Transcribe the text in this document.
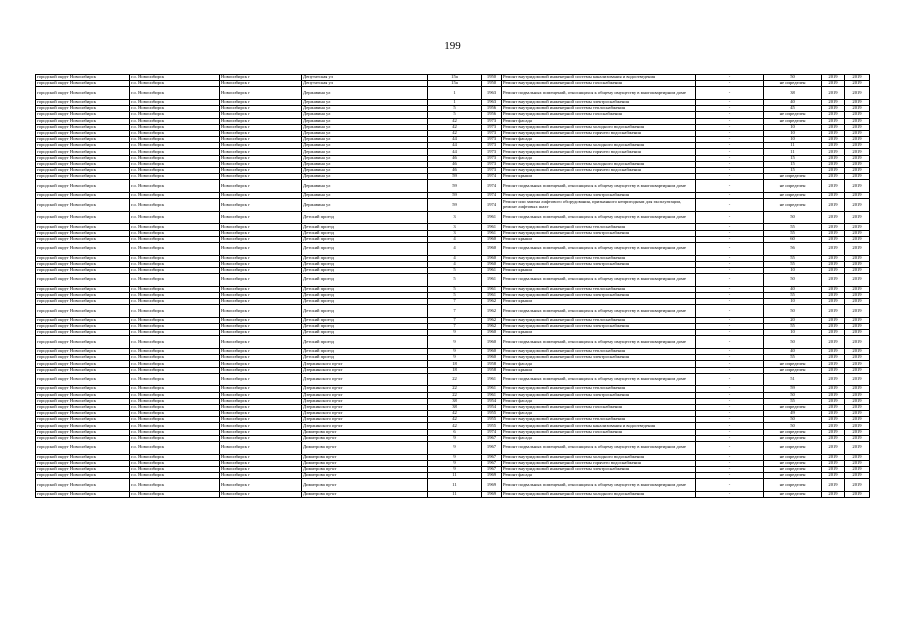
199
городской округ Новосибирск	г.о. Новосибирск	Новосибирск г	Депутатская ул	15а	1950	Ремонт внутридомовой инженерной системы канализования и водоотведения	-	50	2019	2019
городской округ Новосибирск	г.о. Новосибирск	Новосибирск г	Депутатская ул	15а	1950	Ремонт внутридомовой инженерной системы газоснабжения	-	не определен	2019	2019
городской округ Новосибирск	г.о. Новосибирск	Новосибирск г	Державина ул	1	1963	Ремонт подвальных помещений, относящихся к общему имуществу в многоквартирном доме	-	38	2019	2019
городской округ Новосибирск	г.о. Новосибирск	Новосибирск г	Державина ул	1	1963	Ремонт внутридомовой инженерной системы электроснабжения	-	40	2019	2019
городской округ Новосибирск	г.о. Новосибирск	Новосибирск г	Державина ул	5	1956	Ремонт внутридомовой инженерной системы теплоснабжения	-	45	2019	2019
городской округ Новосибирск	г.о. Новосибирск	Новосибирск г	Державина ул	5	1956	Ремонт внутридомовой инженерной системы газоснабжения	-	не определен	2019	2019
городской округ Новосибирск	г.о. Новосибирск	Новосибирск г	Державина ул	42	1973	Ремонт фасада	-	не определен	2019	2019
городской округ Новосибирск	г.о. Новосибирск	Новосибирск г	Державина ул	42	1973	Ремонт внутридомовой инженерной системы холодного водоснабжения	-	10	2019	2019
городской округ Новосибирск	г.о. Новосибирск	Новосибирск г	Державина ул	42	1973	Ремонт внутридомовой инженерной системы горячего водоснабжения	-	10	2019	2019
городской округ Новосибирск	г.о. Новосибирск	Новосибирск г	Державина ул	44	1973	Ремонт фасада	-	10	2019	2019
городской округ Новосибирск	г.о. Новосибирск	Новосибирск г	Державина ул	44	1973	Ремонт внутридомовой инженерной системы холодного водоснабжения	-	11	2019	2019
городской округ Новосибирск	г.о. Новосибирск	Новосибирск г	Державина ул	44	1973	Ремонт внутридомовой инженерной системы горячего водоснабжения	-	11	2019	2019
городской округ Новосибирск	г.о. Новосибирск	Новосибирск г	Державина ул	46	1973	Ремонт фасада	-	15	2019	2019
городской округ Новосибирск	г.о. Новосибирск	Новосибирск г	Державина ул	46	1973	Ремонт внутридомовой инженерной системы холодного водоснабжения	-	15	2019	2019
городской округ Новосибирск	г.о. Новосибирск	Новосибирск г	Державина ул	46	1973	Ремонт внутридомовой инженерной системы горячего водоснабжения	-	15	2019	2019
городской округ Новосибирск	г.о. Новосибирск	Новосибирск г	Державина ул	59	1974	Ремонт крыши	-	не определен	2019	2019
городской округ Новосибирск	г.о. Новосибирск	Новосибирск г	Державина ул	59	1974	Ремонт подвальных помещений, относящихся к общему имуществу в многоквартирном доме	-	не определен	2019	2019
городской округ Новосибирск	г.о. Новосибирск	Новосибирск г	Державина ул	59	1974	Ремонт внутридомовой инженерной системы электроснабжения	-	не определен	2019	2019
городской округ Новосибирск	г.о. Новосибирск	Новосибирск г	Державина ул	59	1974	Ремонт или замена лифтового оборудования, признанного непригодным для эксплуатации, ремонт лифтовых шахт	-	не определен	2019	2019
городской округ Новосибирск	г.о. Новосибирск	Новосибирск г	Детский проезд	3	1961	Ремонт подвальных помещений, относящихся к общему имуществу в многоквартирном доме	-	50	2019	2019
городской округ Новосибирск	г.о. Новосибирск	Новосибирск г	Детский проезд	3	1961	Ремонт внутридомовой инженерной системы теплоснабжения	-	55	2019	2019
городской округ Новосибирск	г.о. Новосибирск	Новосибирск г	Детский проезд	3	1961	Ремонт внутридомовой инженерной системы электроснабжения	-	55	2019	2019
городской округ Новосибирск	г.о. Новосибирск	Новосибирск г	Детский проезд	4	1960	Ремонт крыши	-	60	2019	2019
городской округ Новосибирск	г.о. Новосибирск	Новосибирск г	Детский проезд	4	1960	Ремонт подвальных помещений, относящихся к общему имуществу в многоквартирном доме	-	56	2019	2019
городской округ Новосибирск	г.о. Новосибирск	Новосибирск г	Детский проезд	4	1960	Ремонт внутридомовой инженерной системы теплоснабжения	-	55	2019	2019
городской округ Новосибирск	г.о. Новосибирск	Новосибирск г	Детский проезд	4	1960	Ремонт внутридомовой инженерной системы электроснабжения	-	55	2019	2019
городской округ Новосибирск	г.о. Новосибирск	Новосибирск г	Детский проезд	5	1961	Ремонт крыши	-	10	2019	2019
городской округ Новосибирск	г.о. Новосибирск	Новосибирск г	Детский проезд	5	1961	Ремонт подвальных помещений, относящихся к общему имуществу в многоквартирном доме	-	50	2019	2019
городской округ Новосибирск	г.о. Новосибирск	Новосибирск г	Детский проезд	5	1961	Ремонт внутридомовой инженерной системы теплоснабжения	-	40	2019	2019
городской округ Новосибирск	г.о. Новосибирск	Новосибирск г	Детский проезд	5	1961	Ремонт внутридомовой инженерной системы электроснабжения	-	55	2019	2019
городской округ Новосибирск	г.о. Новосибирск	Новосибирск г	Детский проезд	7	1962	Ремонт крыши	-	10	2019	2019
городской округ Новосибирск	г.о. Новосибирск	Новосибирск г	Детский проезд	7	1962	Ремонт подвальных помещений, относящихся к общему имуществу в многоквартирном доме	-	50	2019	2019
городской округ Новосибирск	г.о. Новосибирск	Новосибирск г	Детский проезд	7	1962	Ремонт внутридомовой инженерной системы теплоснабжения	-	20	2019	2019
городской округ Новосибирск	г.о. Новосибирск	Новосибирск г	Детский проезд	7	1962	Ремонт внутридомовой инженерной системы электроснабжения	-	55	2019	2019
городской округ Новосибирск	г.о. Новосибирск	Новосибирск г	Детский проезд	9	1960	Ремонт крыши	-	10	2019	2019
городской округ Новосибирск	г.о. Новосибирск	Новосибирск г	Детский проезд	9	1960	Ремонт подвальных помещений, относящихся к общему имуществу в многоквартирном доме	-	50	2019	2019
городской округ Новосибирск	г.о. Новосибирск	Новосибирск г	Детский проезд	9	1960	Ремонт внутридомовой инженерной системы теплоснабжения	-	40	2019	2019
городской округ Новосибирск	г.о. Новосибирск	Новосибирск г	Детский проезд	9	1960	Ремонт внутридомовой инженерной системы электроснабжения	-	55	2019	2019
городской округ Новосибирск	г.о. Новосибирск	Новосибирск г	Дзержинского пр-кт	18	1958	Ремонт фасада	-	не определен	2019	2019
городской округ Новосибирск	г.о. Новосибирск	Новосибирск г	Дзержинского пр-кт	18	1958	Ремонт крыши	-	не определен	2019	2019
городской округ Новосибирск	г.о. Новосибирск	Новосибирск г	Дзержинского пр-кт	22	1961	Ремонт подвальных помещений, относящихся к общему имуществу в многоквартирном доме	-	51	2019	2019
городской округ Новосибирск	г.о. Новосибирск	Новосибирск г	Дзержинского пр-кт	22	1961	Ремонт внутридомовой инженерной системы теплоснабжения	-	59	2019	2019
городской округ Новосибирск	г.о. Новосибирск	Новосибирск г	Дзержинского пр-кт	22	1961	Ремонт внутридомовой инженерной системы электроснабжения	-	50	2019	2019
городской округ Новосибирск	г.о. Новосибирск	Новосибирск г	Дзержинского пр-кт	38	1954	Ремонт фасада	-	55	2019	2019
городской округ Новосибирск	г.о. Новосибирск	Новосибирск г	Дзержинского пр-кт	38	1954	Ремонт внутридомовой инженерной системы газоснабжения	-	не определен	2019	2019
городской округ Новосибирск	г.о. Новосибирск	Новосибирск г	Дзержинского пр-кт	42	1955	Ремонт фасада	-	49	2019	2019
городской округ Новосибирск	г.о. Новосибирск	Новосибирск г	Дзержинского пр-кт	42	1955	Ремонт внутридомовой инженерной системы теплоснабжения	-	50	2019	2019
городской округ Новосибирск	г.о. Новосибирск	Новосибирск г	Дзержинского пр-кт	42	1955	Ремонт внутридомовой инженерной системы канализования и водоотведения	-	50	2019	2019
городской округ Новосибирск	г.о. Новосибирск	Новосибирск г	Димитрова пр-кт	6	1974	Ремонт внутридомовой инженерной системы газоснабжения	-	не определен	2019	2019
городской округ Новосибирск	г.о. Новосибирск	Новосибирск г	Димитрова пр-кт	9	1967	Ремонт фасада	-	не определен	2019	2019
городской округ Новосибирск	г.о. Новосибирск	Новосибирск г	Димитрова пр-кт	9	1967	Ремонт подвальных помещений, относящихся к общему имуществу в многоквартирном доме	-	не определен	2019	2019
городской округ Новосибирск	г.о. Новосибирск	Новосибирск г	Димитрова пр-кт	9	1967	Ремонт внутридомовой инженерной системы холодного водоснабжения	-	не определен	2019	2019
городской округ Новосибирск	г.о. Новосибирск	Новосибирск г	Димитрова пр-кт	9	1967	Ремонт внутридомовой инженерной системы горячего водоснабжения	-	не определен	2019	2019
городской округ Новосибирск	г.о. Новосибирск	Новосибирск г	Димитрова пр-кт	9	1967	Ремонт внутридомовой инженерной системы электроснабжения	-	не определен	2019	2019
городской округ Новосибирск	г.о. Новосибирск	Новосибирск г	Димитрова пр-кт	11	1969	Ремонт фасада	-	не определен	2019	2019
городской округ Новосибирск	г.о. Новосибирск	Новосибирск г	Димитрова пр-кт	11	1969	Ремонт подвальных помещений, относящихся к общему имуществу в многоквартирном доме	-	не определен	2019	2019
городской округ Новосибирск	г.о. Новосибирск	Новосибирск г	Димитрова пр-кт	11	1969	Ремонт внутридомовой инженерной системы холодного водоснабжения	-	не определен	2019	2019
